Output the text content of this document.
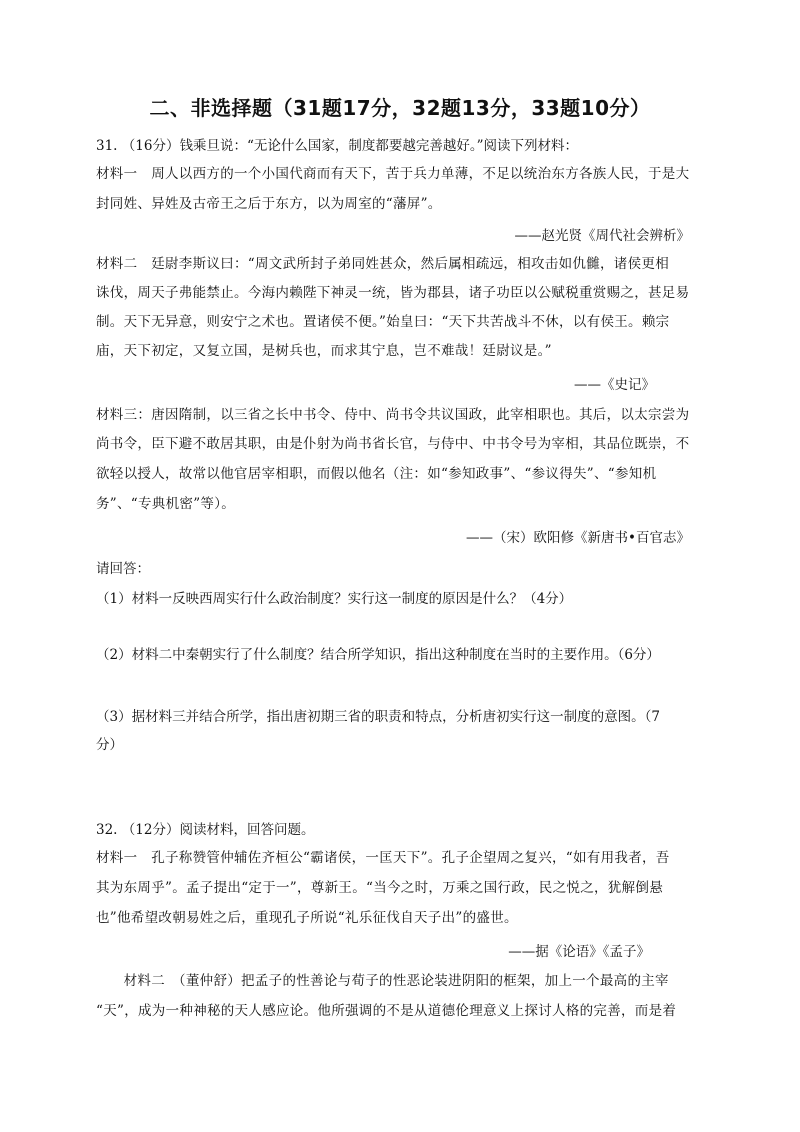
二、非选择题（31题17分，32题13分，33题10分）
31. （16分）钱乘旦说：“无论什么国家，制度都要越完善越好。”阅读下列材料：
材料一　周人以西方的一个小国代商而有天下，苦于兵力单薄，不足以统治东方各族人民，于是大
封同姓、异姓及古帝王之后于东方，以为周室的“藩屏”。
——赵光贤《周代社会辨析》
材料二　廷尉李斯议曰：“周文武所封子弟同姓甚众，然后属相疏远，相攻击如仇雠，诸侯更相
诛伐，周天子弗能禁止。今海内赖陛下神灵一统，皆为郡县，诸子功臣以公赋税重赏赐之，甚足易
制。天下无异意，则安宁之术也。置诸侯不便。”始皇曰：“天下共苦战斗不休，以有侯王。赖宗
庙，天下初定，又复立国，是树兵也，而求其宁息，岂不难哉！廷尉议是。”
——《史记》
材料三：唐因隋制，以三省之长中书令、侍中、尚书令共议国政，此宰相职也。其后，以太宗尝为
尚书令，臣下避不敢居其职，由是仆射为尚书省长官，与侍中、中书令号为宰相，其品位既崇，不
欲轻以授人，故常以他官居宰相职，而假以他名（注：如“参知政事”、“参议得失”、“参知机
务”、“专典机密”等）。
——（宋）欧阳修《新唐书•百官志》
请回答：
（1）材料一反映西周实行什么政治制度？实行这一制度的原因是什么？（4分）
（2）材料二中秦朝实行了什么制度？结合所学知识，指出这种制度在当时的主要作用。（6分）
（3）据材料三并结合所学，指出唐初期三省的职责和特点，分析唐初实行这一制度的意图。（7
分）
32. （12分）阅读材料，回答问题。
材料一　孔子称赞管仲辅佐齐桓公“霸诸侯，一匡天下”。孔子企望周之复兴，“如有用我者，吾
其为东周乎”。孟子提出“定于一”，尊新王。“当今之时，万乘之国行政，民之悦之，犹解倒悬
也”他希望改朝易姓之后，重现孔子所说“礼乐征伐自天子出”的盛世。
——据《论语》《孟子》
　　材料二　（董仲舒）把孟子的性善论与荀子的性恶论装进阴阳的框架，加上一个最高的主宰
“天”，成为一种神秘的天人感应论。他所强调的不是从道德伦理意义上探讨人格的完善，而是着
